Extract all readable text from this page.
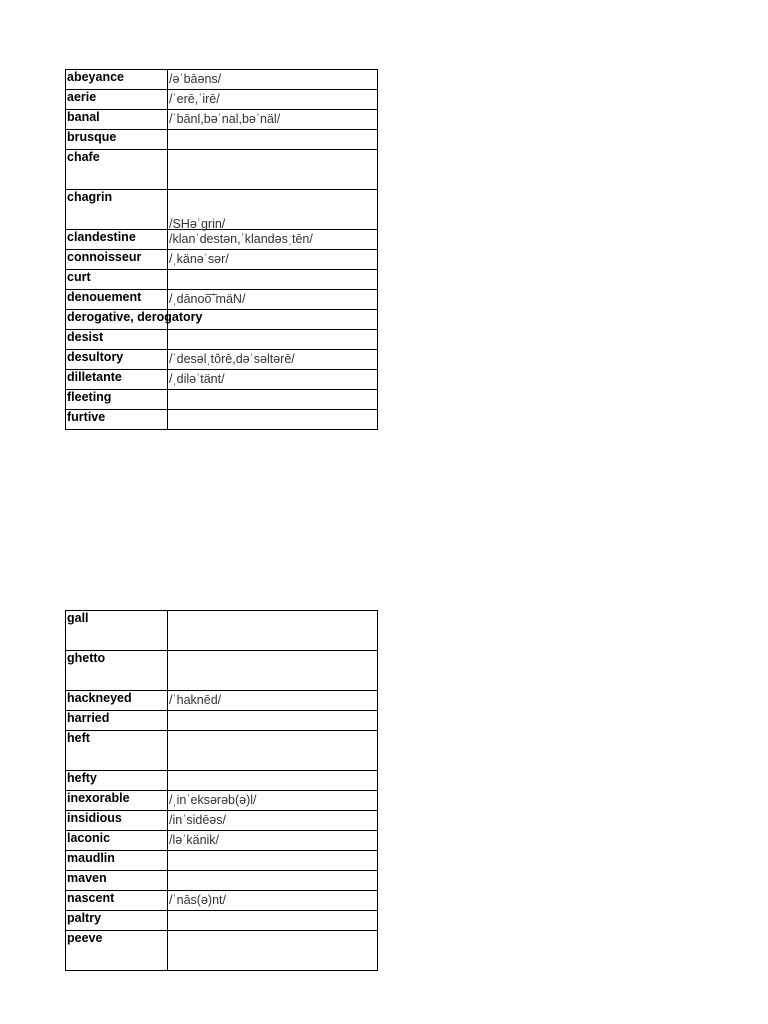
abeyance	/əˈbāəns/
aerie	/ˈerē,ˈirē/
banal	/ˈbānl,bəˈnal,bəˈnäl/
brusque	
chafe	
chagrin	/SHəˈgrin/
clandestine	/klanˈdestən,ˈklandəsˌtēn/
connoisseur	/ˌkänəˈsər/
curt	
denouement	/ˌdānoo͞ˈmäN/
derogative, derogatory	
desist	
desultory	/ˈdesəlˌtôrē,dəˈsəltərē/
dilletante	/ˌdiləˈtänt/
fleeting	
furtive	
gall	
ghetto	
hackneyed	/ˈhaknēd/
harried	
heft	
hefty	
inexorable	/ˌinˈeksərəb(ə)l/
insidious	/inˈsidēəs/
laconic	/ləˈkänik/
maudlin	
maven	
nascent	/ˈnās(ə)nt/
paltry	
peeve	
